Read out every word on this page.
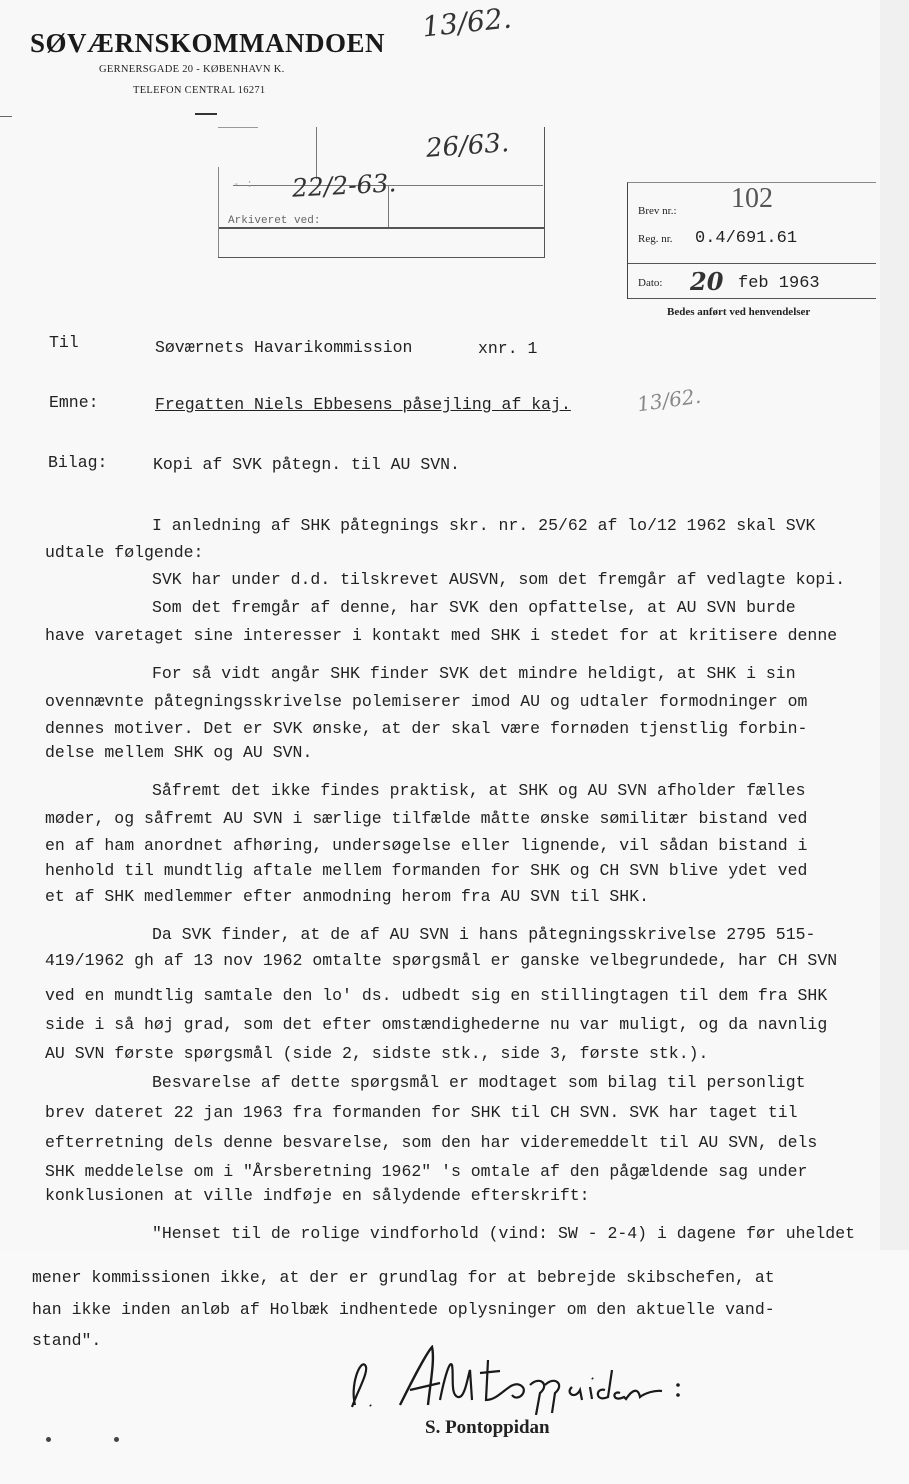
SØVÆRNSKOMMANDOEN
GERNERSGADE 20 - KØBENHAVN K.
TELEFON CENTRAL 16271
13/62.
- :
26/63.
22/2-63.
Arkiveret ved:
Brev nr.: 102
Reg. nr. 0.4/691.61
Dato: 20 feb 1963
Bedes anført ved henvendelser
Til	Søværnets Havarikommission	xnr. 1
Emne:	Fregatten Niels Ebbesens påsejling af kaj.	13/62.
Bilag:	Kopi af SVK påtegn. til AU SVN.
I anledning af SHK påtegnings skr. nr. 25/62 af lo/12 1962 skal SVK
udtale følgende:
SVK har under d.d. tilskrevet AUSVN, som det fremgår af vedlagte kopi.
Som det fremgår af denne, har SVK den opfattelse, at AU SVN burde
have varetaget sine interesser i kontakt med SHK i stedet for at kritisere denne
For så vidt angår SHK finder SVK det mindre heldigt, at SHK i sin
ovennævnte påtegningsskrivelse polemiserer imod AU og udtaler formodninger om
dennes motiver. Det er SVK ønske, at der skal være fornøden tjenstlig forbin-
delse mellem SHK og AU SVN.
Såfremt det ikke findes praktisk, at SHK og AU SVN afholder fælles
møder, og såfremt AU SVN i særlige tilfælde måtte ønske sømilitær bistand ved
en af ham anordnet afhøring, undersøgelse eller lignende, vil sådan bistand i
henhold til mundtlig aftale mellem formanden for SHK og CH SVN blive ydet ved
et af SHK medlemmer efter anmodning herom fra AU SVN til SHK.
Da SVK finder, at de af AU SVN i hans påtegningsskrivelse 2795 515-
419/1962 gh af 13 nov 1962 omtalte spørgsmål er ganske velbegrundede, har CH SVN
ved en mundtlig samtale den lo' ds. udbedt sig en stillingtagen til dem fra SHK
side i så høj grad, som det efter omstændighederne nu var muligt, og da navnlig
AU SVN første spørgsmål (side 2, sidste stk., side 3, første stk.).
Besvarelse af dette spørgsmål er modtaget som bilag til personligt
brev dateret 22 jan 1963 fra formanden for SHK til CH SVN. SVK har taget til
efterretning dels denne besvarelse, som den har videremeddelt til AU SVN, dels
SHK meddelelse om i "Årsberetning 1962" 's omtale af den pågældende sag under
konklusionen at ville indføje en sålydende efterskrift:
"Henset til de rolige vindforhold (vind: SW - 2-4) i dagene før uheldet
mener kommissionen ikke, at der er grundlag for at bebrejde skibschefen, at
han ikke inden anløb af Holbæk indhentede oplysninger om den aktuelle vand-
stand".
S. Pontoppidan
